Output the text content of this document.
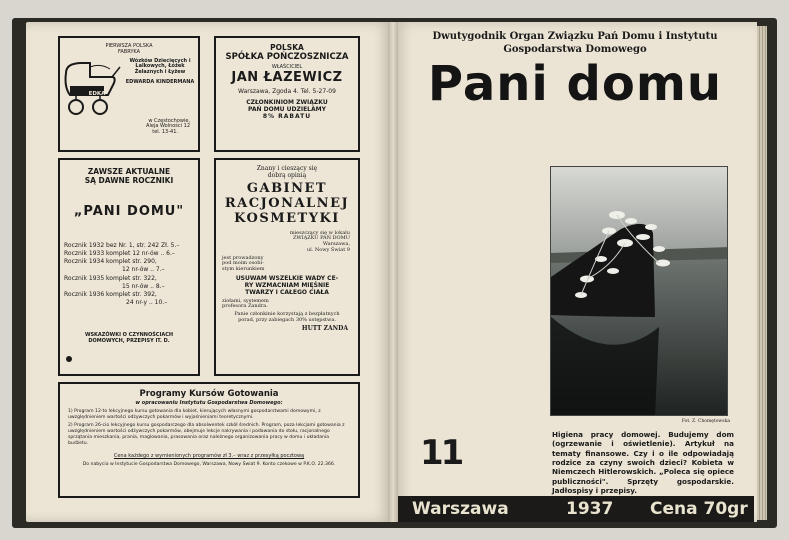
PIERWSZA POLSKA
FABRYKA
Wózków Dziecięcych i Lalkowych, Łóżek Żelaznych i Łyżew
EDWARDA KINDERMANA
EDKA
w Częstochowie,
Aleja Wolności 12
tel. 13-41.
POLSKA
SPÓŁKA POŃCZOSZNICZA
WŁAŚCICIEL
JAN ŁAZEWICZ
Warszawa, Zgoda 4. Tel. 5-27-09
CZŁONKINIOM ZWIĄZKU
PAŃ DOMU UDZIELAMY
8% RABATU
ZAWSZE AKTUALNE
SĄ DAWNE ROCZNIKI
„PANI DOMU"
Rocznik 1932 bez Nr. 1, str. 242 Zł. 5.–
Rocznik 1933 komplet 12 nr-ów .. 6.–
Rocznik 1934 komplet str. 290,
12 nr-ów .. 7.–
Rocznik 1935 komplet str. 322,
15 nr-ów .. 8.–
Rocznik 1936 komplet str. 392,
24 nr-y .. 10.–
WSKAZÓWKI O CZYNNOŚCIACH
DOMOWYCH, PRZEPISY IT. D.
Znany i cieszący się
dobrą opinią
GABINET
RACJONALNEJ
KOSMETYKI
mieszczący się w lokalu
ZWIĄZKU PAŃ DOMU
Warszawa,
ul. Nowy Świat 9
jest prowadzony
pod moim osobi-
stym kierunkiem
USUWAM WSZELKIE WADY CE-
RY WZMACNIAM MIĘŚNIE
TWARZY I CAŁEGO CIAŁA
ziołami, systemem
profesora Żandra.
Panie członkinie korzystają z bezpłatnych
porad, przy zabiegach 30% ustępstwa.
HUTT ZANDA
Programy Kursów Gotowania
w opracowaniu Instytutu Gospodarstwa Domowego:
1) Program 12-to lekcyjnego kursu gotowania dla kobiet, kierujących własnymi gospodarstwami domowymi, z uwzględnieniem wartości odżywczych pokarmów i wyjaśnieniami teoretycznymi.
2) Program 26-cio lekcyjnego kursu gospodarczego dla absolwentek szkół średnich. Program, poza lekcjami gotowania z uwzględnieniem wartości odżywczych pokarmów, obejmuje lekcje nakrywania i podawania do stołu, racjonalnego sprzątania mieszkania, prania, maglowania, prasowania oraz należnego organizowania pracy w domu i układania budżetu.
Cena każdego z wymienionych programów zł 3.– wraz z przesyłką pocztową
Do nabycia w Instytucie Gospodarstwa Domowego, Warszawa, Nowy Świat 9. Konto czekowe w P.K.O. 22.366.
Dwutygodnik Organ Związku Pań Domu i Instytutu
Gospodarstwa Domowego
Pani domu
Fot. Z. Chomętowska
11	Higiena pracy domowej. Budujemy dom (ogrzewanie i oświetlenie). Artykuł na tematy finansowe. Czy i o ile odpowiadają rodzice za czyny swoich dzieci? Kobieta w Niemczech Hitlerowskich. „Poleca się opiece publiczności". Sprzęty gospodarskie. Jadłospisy i przepisy.
Warszawa	1937 Cena 70gr
